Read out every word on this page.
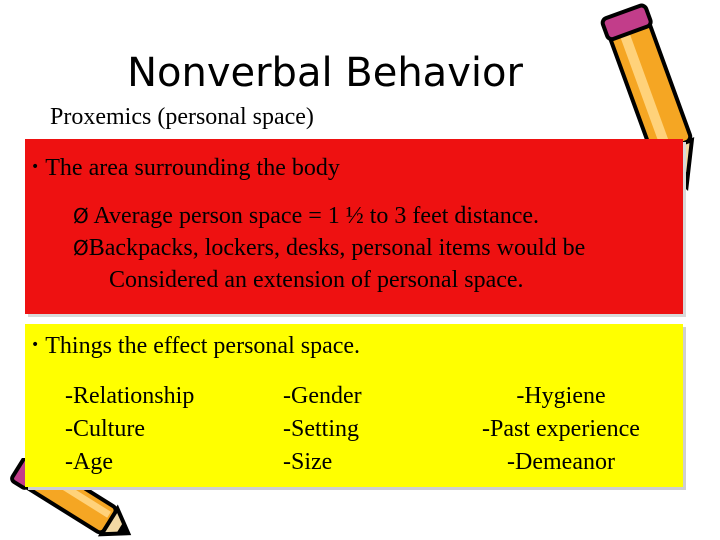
Nonverbal Behavior
Proxemics (personal space)
• The area surrounding the body
Ø Average person space = 1 ½ to 3 feet distance.
ØBackpacks, lockers, desks, personal items would be
Considered an extension of personal space.
• Things the effect personal space.
-Relationship
-Culture
-Age
-Gender
-Setting
-Size
-Hygiene
-Past experience
-Demeanor
